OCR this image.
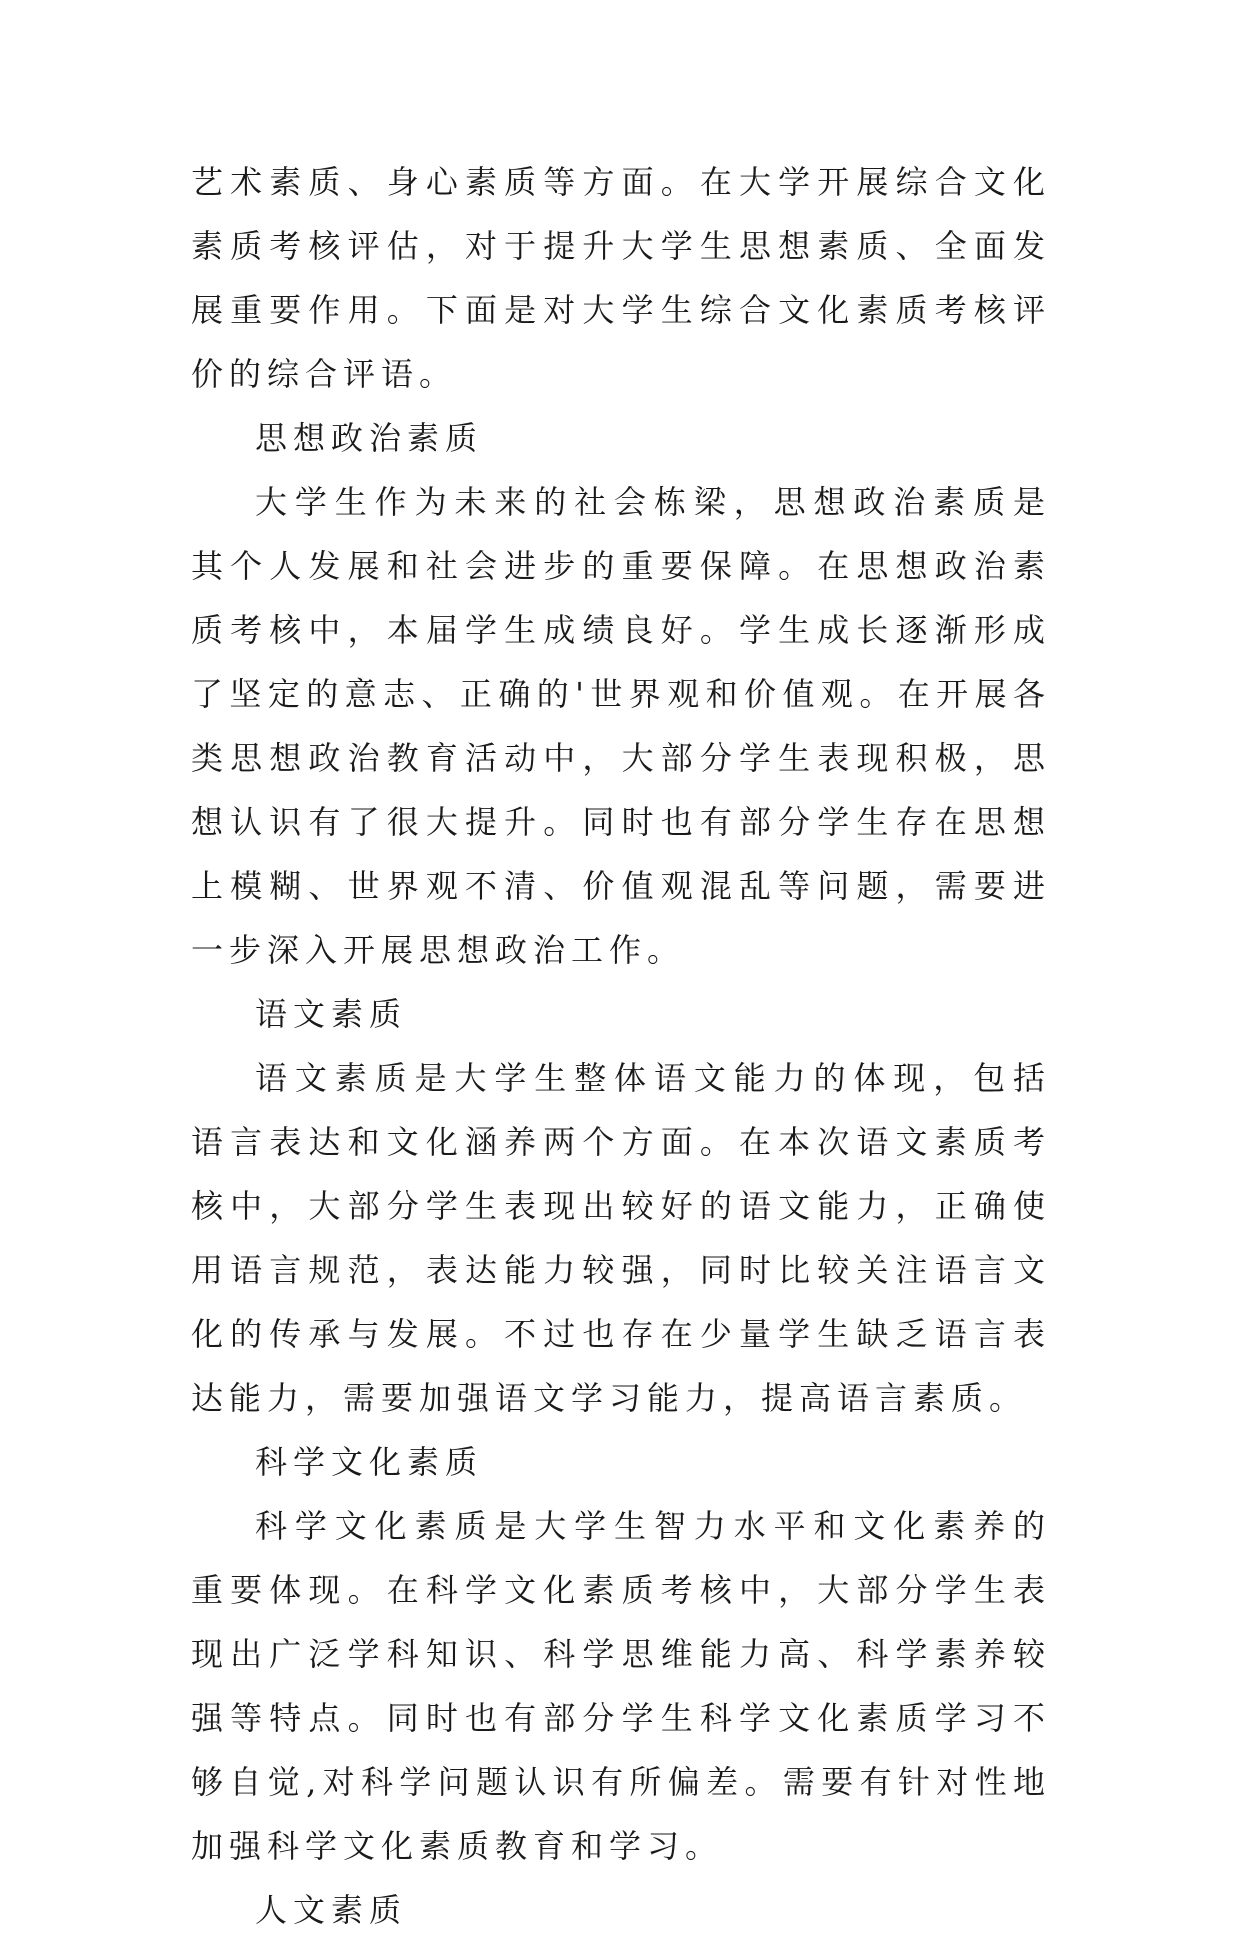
艺术素质、身心素质等方面。在大学开展综合文化素质考核评估，对于提升大学生思想素质、全面发展重要作用。下面是对大学生综合文化素质考核评价的综合评语。

思想政治素质

大学生作为未来的社会栋梁，思想政治素质是其个人发展和社会进步的重要保障。在思想政治素质考核中，本届学生成绩良好。学生成长逐渐形成了坚定的意志、正确的'世界观和价值观。在开展各类思想政治教育活动中，大部分学生表现积极，思想认识有了很大提升。同时也有部分学生存在思想上模糊、世界观不清、价值观混乱等问题，需要进一步深入开展思想政治工作。

语文素质

语文素质是大学生整体语文能力的体现，包括语言表达和文化涵养两个方面。在本次语文素质考核中，大部分学生表现出较好的语文能力，正确使用语言规范，表达能力较强，同时比较关注语言文化的传承与发展。不过也存在少量学生缺乏语言表达能力，需要加强语文学习能力，提高语言素质。

科学文化素质

科学文化素质是大学生智力水平和文化素养的重要体现。在科学文化素质考核中，大部分学生表现出广泛学科知识、科学思维能力高、科学素养较强等特点。同时也有部分学生科学文化素质学习不够自觉,对科学问题认识有所偏差。需要有针对性地加强科学文化素质教育和学习。

人文素质
